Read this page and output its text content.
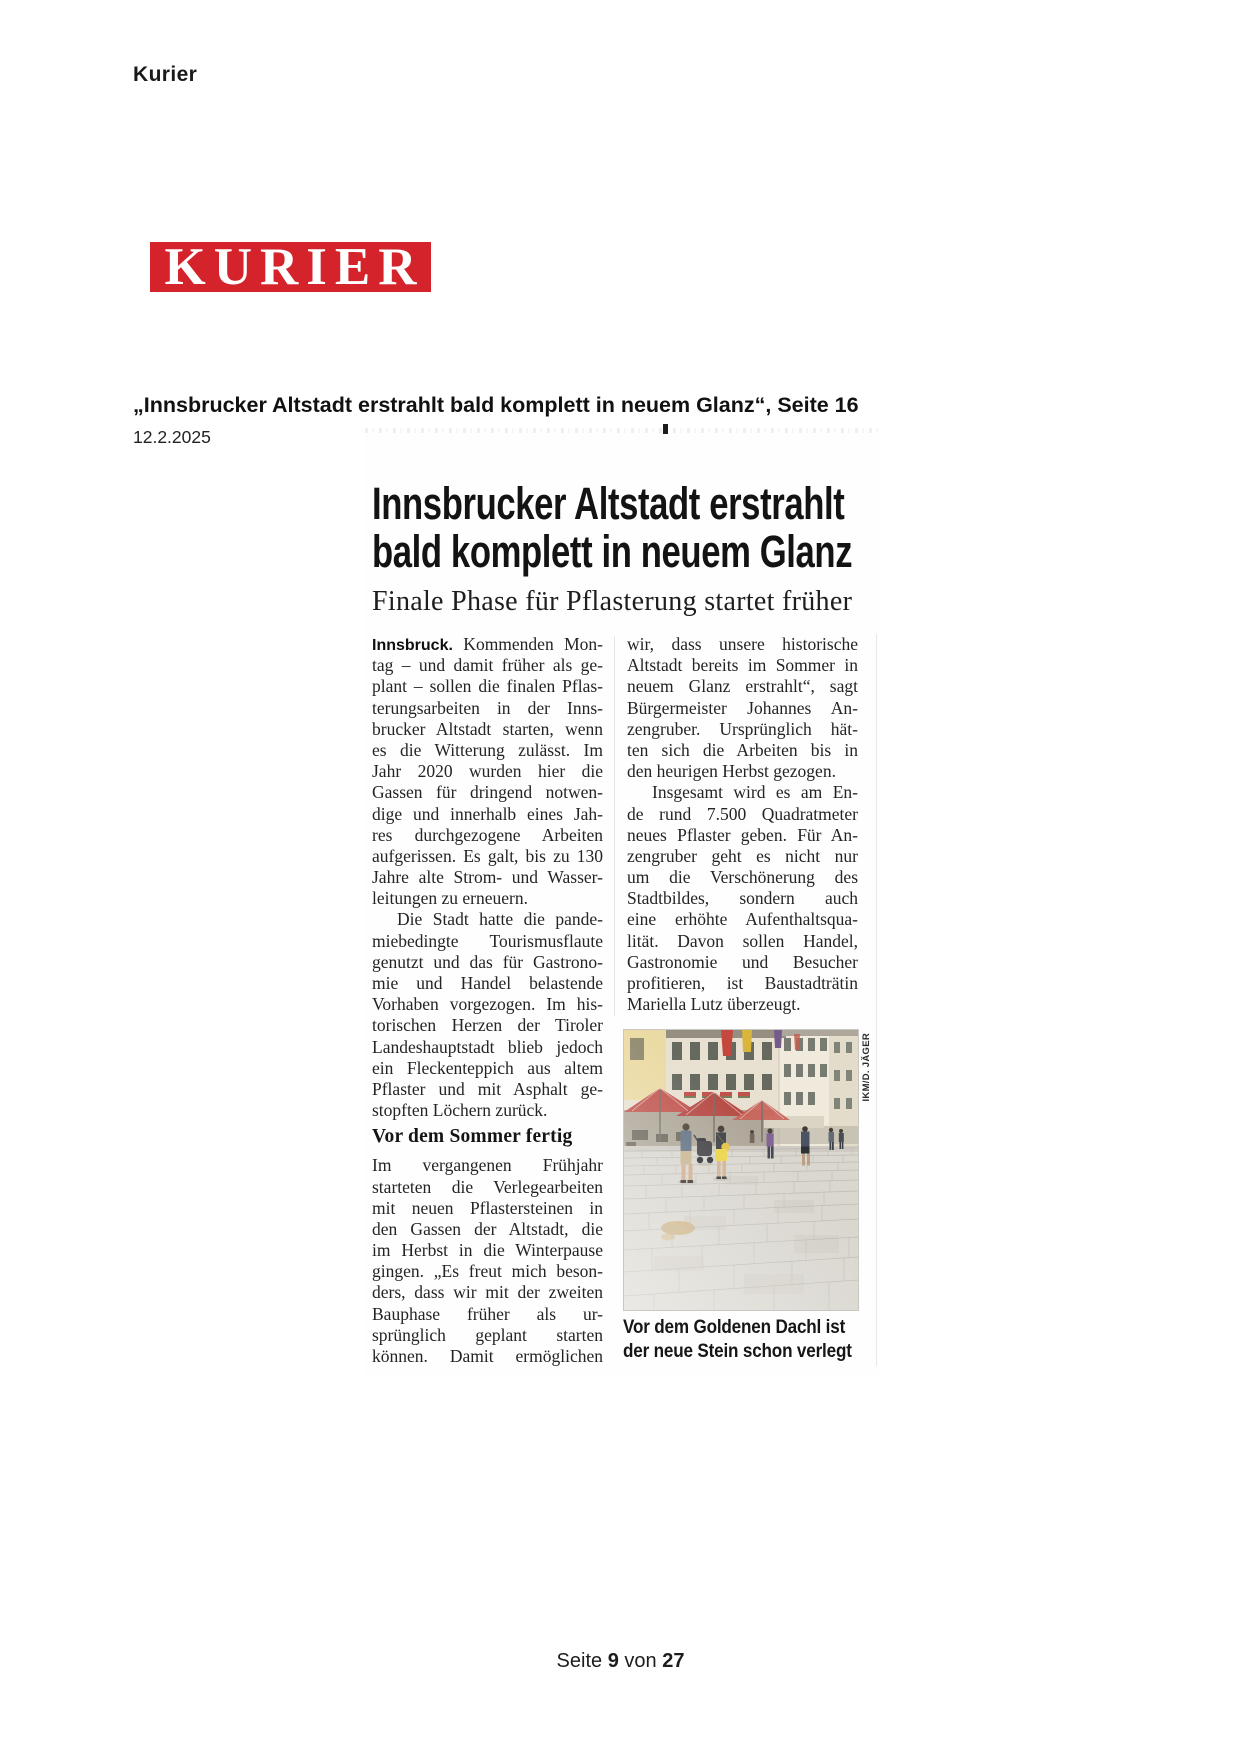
Kurier
KURIER
„Innsbrucker Altstadt erstrahlt bald komplett in neuem Glanz“, Seite 16
12.2.2025
Innsbrucker Altstadt erstrahlt
bald komplett in neuem Glanz
Finale Phase für Pflasterung startet früher
Innsbruck. Kommenden Mon-
tag – und damit früher als ge-
plant – sollen die finalen Pflas-
terungsarbeiten in der Inns-
brucker Altstadt starten, wenn
es die Witterung zulässt. Im
Jahr 2020 wurden hier die
Gassen für dringend notwen-
dige und innerhalb eines Jah-
res durchgezogene Arbeiten
aufgerissen. Es galt, bis zu 130
Jahre alte Strom- und Wasser-
leitungen zu erneuern.
Die Stadt hatte die pande-
miebedingte Tourismusflaute
genutzt und das für Gastrono-
mie und Handel belastende
Vorhaben vorgezogen. Im his-
torischen Herzen der Tiroler
Landeshauptstadt blieb jedoch
ein Fleckenteppich aus altem
Pflaster und mit Asphalt ge-
stopften Löchern zurück.
Vor dem Sommer fertig
Im vergangenen Frühjahr
starteten die Verlegearbeiten
mit neuen Pflastersteinen in
den Gassen der Altstadt, die
im Herbst in die Winterpause
gingen. „Es freut mich beson-
ders, dass wir mit der zweiten
Bauphase früher als ur-
sprünglich geplant starten
können. Damit ermöglichen
wir, dass unsere historische
Altstadt bereits im Sommer in
neuem Glanz erstrahlt“, sagt
Bürgermeister Johannes An-
zengruber. Ursprünglich hät-
ten sich die Arbeiten bis in
den heurigen Herbst gezogen.
Insgesamt wird es am En-
de rund 7.500 Quadratmeter
neues Pflaster geben. Für An-
zengruber geht es nicht nur
um die Verschönerung des
Stadtbildes, sondern auch
eine erhöhte Aufenthaltsqua-
lität. Davon sollen Handel,
Gastronomie und Besucher
profitieren, ist Baustadträtin
Mariella Lutz überzeugt.
IKM/D. JÄGER
Vor dem Goldenen Dachl ist
der neue Stein schon verlegt
Seite 9 von 27
